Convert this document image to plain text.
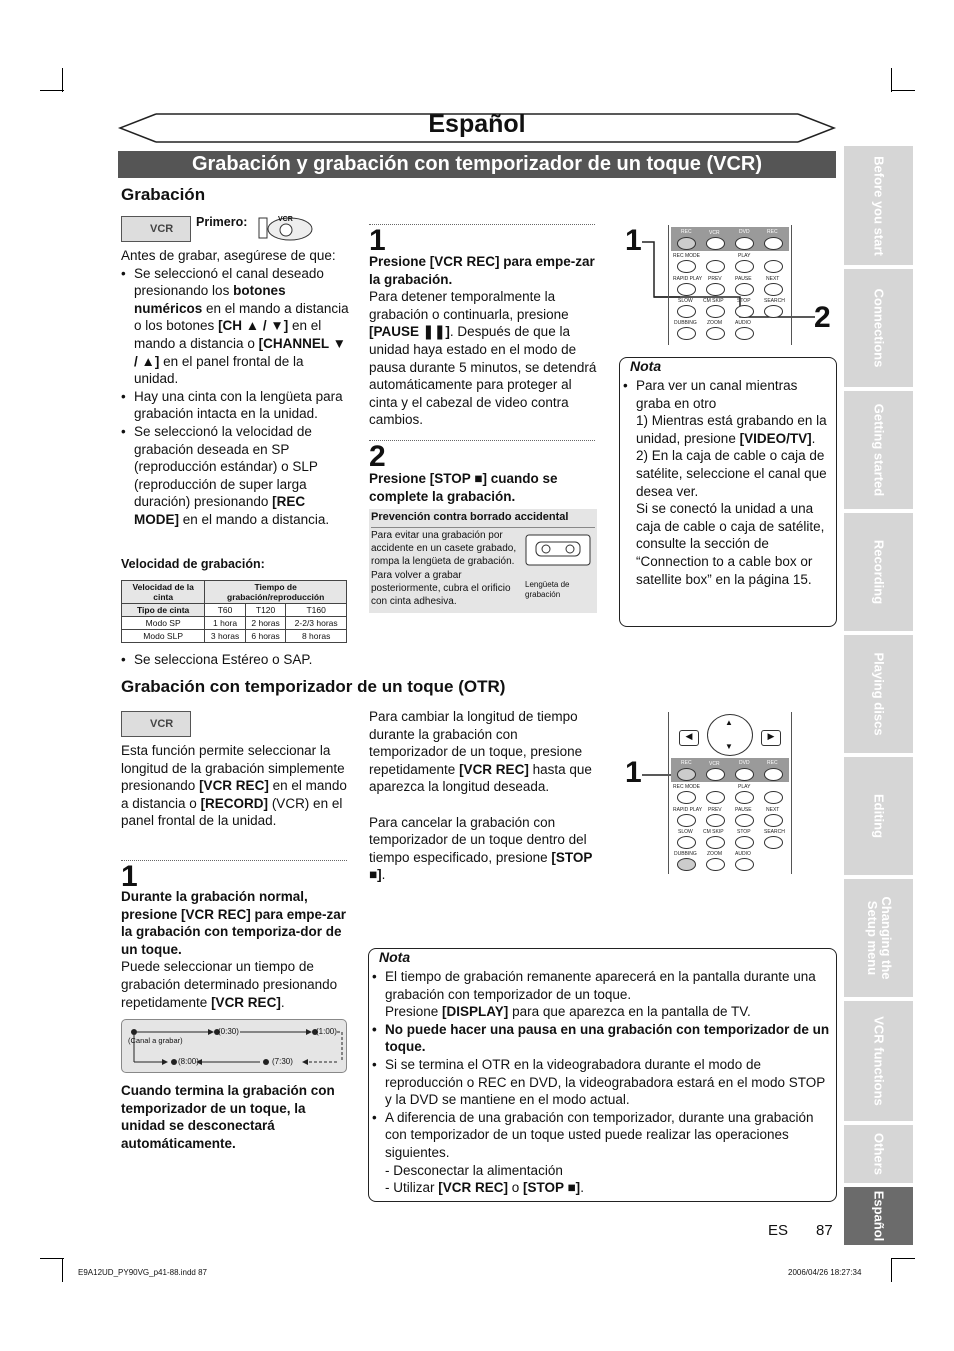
Español
Grabación y grabación con temporizador de un toque (VCR)
Grabación
VCR Primero:	VCR
Antes de grabar, asegúrese de que:
• Se seleccionó el canal deseado presionando los botones numéricos en el mando a distancia o los botones [CH ▲ / ▼] en el mando a distancia o [CHANNEL ▼ / ▲] en el panel frontal de la unidad.
• Hay una cinta con la lengüeta para grabación intacta en la unidad.
• Se seleccionó la velocidad de grabación deseada en SP (reproducción estándar) o SLP (reproducción de super larga duración) presionando [REC MODE] en el mando a distancia.
Velocidad de grabación:
Velocidad de la cinta	Tiempo de grabación/reproducción		
Tipo de cinta	T60	T120	T160
Modo SP	1 hora	2 horas	2-2/3 horas
Modo SLP	3 horas	6 horas	8 horas
• Se selecciona Estéreo o SAP.
1
Presione [VCR REC] para empe-zar la grabación.
Para detener temporalmente la grabación o continuarla, presione [PAUSE ❚❚]. Después de que la unidad haya estado en el modo de pausa durante 5 minutos, se detendrá automáticamente para proteger al cinta y el cabezal de video contra cambios.
2
Presione [STOP ■] cuando se complete la grabación.
Prevención contra borrado accidental
Para evitar una grabación por accidente en un casete grabado, rompa la lengüeta de grabación. Para volver a grabar posteriormente, cubra el orificio con cinta adhesiva.
Lengüeta de grabación
1
2
REC	VCR	DVD	REC
REC MODE	PLAY
RAPID PLAY PREV	PAUSE	NEXT
SLOW CM SKIP	STOP	SEARCH
DUBBING ZOOM	AUDIO
Nota
• Para ver un canal mientras graba en otro
1) Mientras está grabando en la unidad, presione [VIDEO/TV].
2) En la caja de cable o caja de satélite, seleccione el canal que desea ver.
Si se conectó la unidad a una caja de cable o caja de satélite, consulte la sección de “Connection to a cable box or satellite box” en la página 15.
Grabación con temporizador de un toque (OTR)
VCR
Esta función permite seleccionar la longitud de la grabación simplemente presionando [VCR REC] en el mando a distancia o [RECORD] (VCR) en el panel frontal de la unidad.
1
Durante la grabación normal, presione [VCR REC] para empe-zar la grabación con temporiza-dor de un toque.
Puede seleccionar un tiempo de grabación determinado presionando repetidamente [VCR REC].
(0:30)	(1:00)
(Canal a grabar)
(8:00)	(7:30)
Cuando termina la grabación con temporizador de un toque, la unidad se desconectará automáticamente.
Para cambiar la longitud de tiempo durante la grabación con temporizador de un toque, presione repetidamente [VCR REC] hasta que aparezca la longitud deseada.
Para cancelar la grabación con temporizador de un toque dentro del tiempo especificado, presione [STOP ■].
1
◀	▶
▲
▼
REC	VCR	DVD	REC
REC MODE	PLAY
RAPID PLAY PREV	PAUSE	NEXT
SLOW CM SKIP	STOP	SEARCH
DUBBING ZOOM	AUDIO
Nota
• El tiempo de grabación remanente aparecerá en la pantalla durante una grabación con temporizador de un toque.
Presione [DISPLAY] para que aparezca en la pantalla de TV.
• No puede hacer una pausa en una grabación con temporizador de un toque.
• Si se termina el OTR en la videograbadora durante el modo de reproducción o REC en DVD, la videograbadora estará en el modo STOP y la DVD se mantiene en el modo actual.
• A diferencia de una grabación con temporizador, durante una grabación con temporizador de un toque usted puede realizar las operaciones siguientes.
- Desconectar la alimentación
- Utilizar [VCR REC] o [STOP ■].
Before you start
Connections
Getting started
Recording
Playing discs
Editing
Changing the Setup menu
VCR functions
Others
Español
ES 87
E9A12UD_PY90VG_p41-88.indd 87	2006/04/26 18:27:34
